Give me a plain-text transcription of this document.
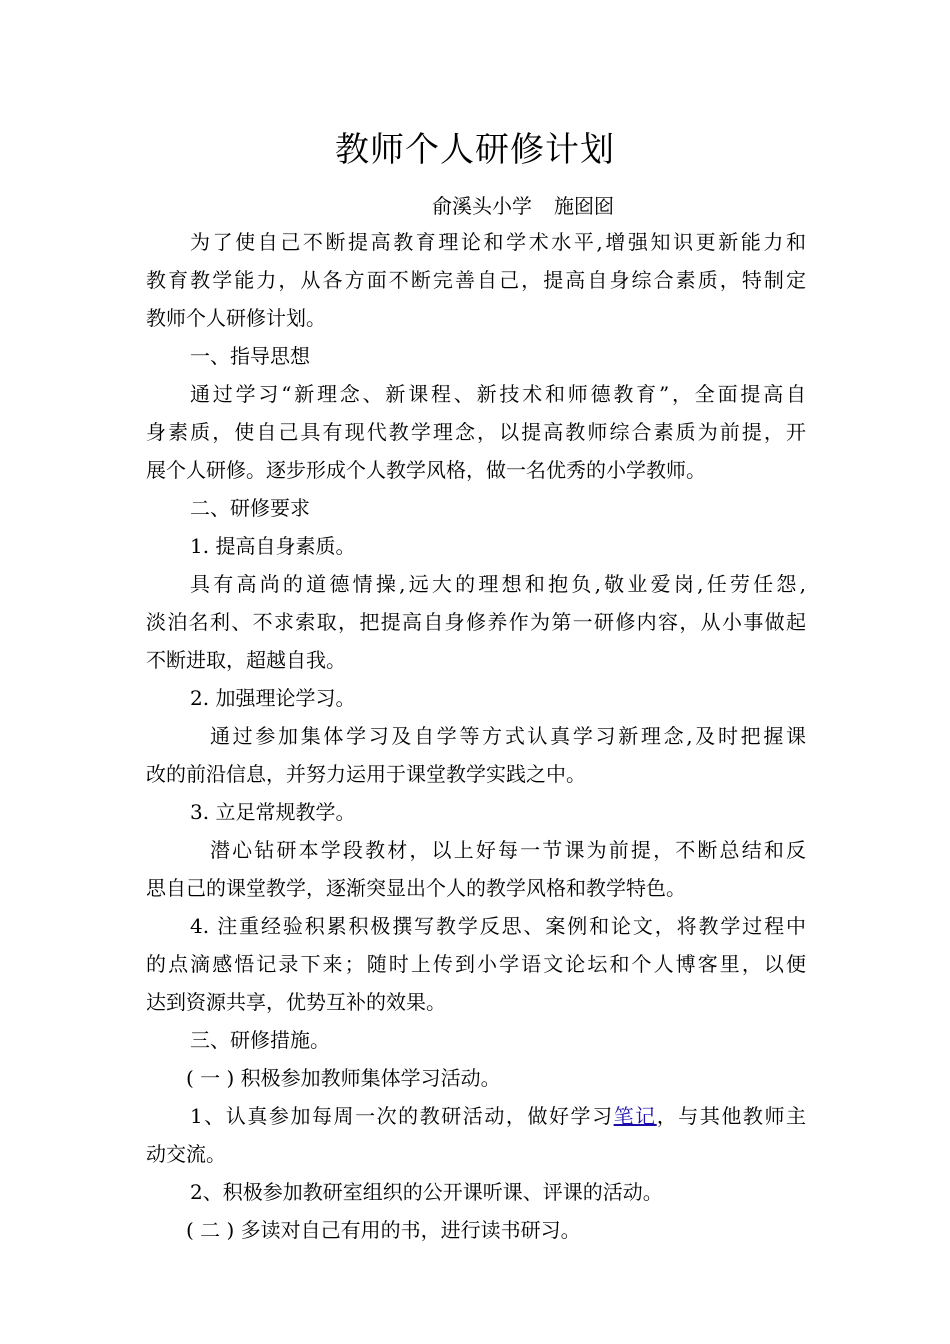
教师个人研修计划
俞溪头小学 施囵囵
为了使自己不断提高教育理论和学术水平,增强知识更新能力和
教育教学能力，从各方面不断完善自己，提高自身综合素质，特制定
教师个人研修计划。
一、指导思想
通过学习“新理念、新课程、新技术和师德教育”，全面提高自
身素质，使自己具有现代教学理念，以提高教师综合素质为前提，开
展个人研修。逐步形成个人教学风格，做一名优秀的小学教师。
二、研修要求
1. 提高自身素质。
具有高尚的道德情操,远大的理想和抱负,敬业爱岗,任劳任怨,
淡泊名利、不求索取，把提高自身修养作为第一研修内容，从小事做起
不断进取，超越自我。
2. 加强理论学习。
通过参加集体学习及自学等方式认真学习新理念,及时把握课
改的前沿信息，并努力运用于课堂教学实践之中。
3. 立足常规教学。
潜心钻研本学段教材，以上好每一节课为前提，不断总结和反
思自己的课堂教学，逐渐突显出个人的教学风格和教学特色。
4. 注重经验积累积极撰写教学反思、案例和论文，将教学过程中
的点滴感悟记录下来；随时上传到小学语文论坛和个人博客里，以便
达到资源共享，优势互补的效果。
三、研修措施。
( 一 ) 积极参加教师集体学习活动。
1、认真参加每周一次的教研活动，做好学习笔记，与其他教师主
动交流。
2、积极参加教研室组织的公开课听课、评课的活动。
( 二 ) 多读对自己有用的书，进行读书研习。
